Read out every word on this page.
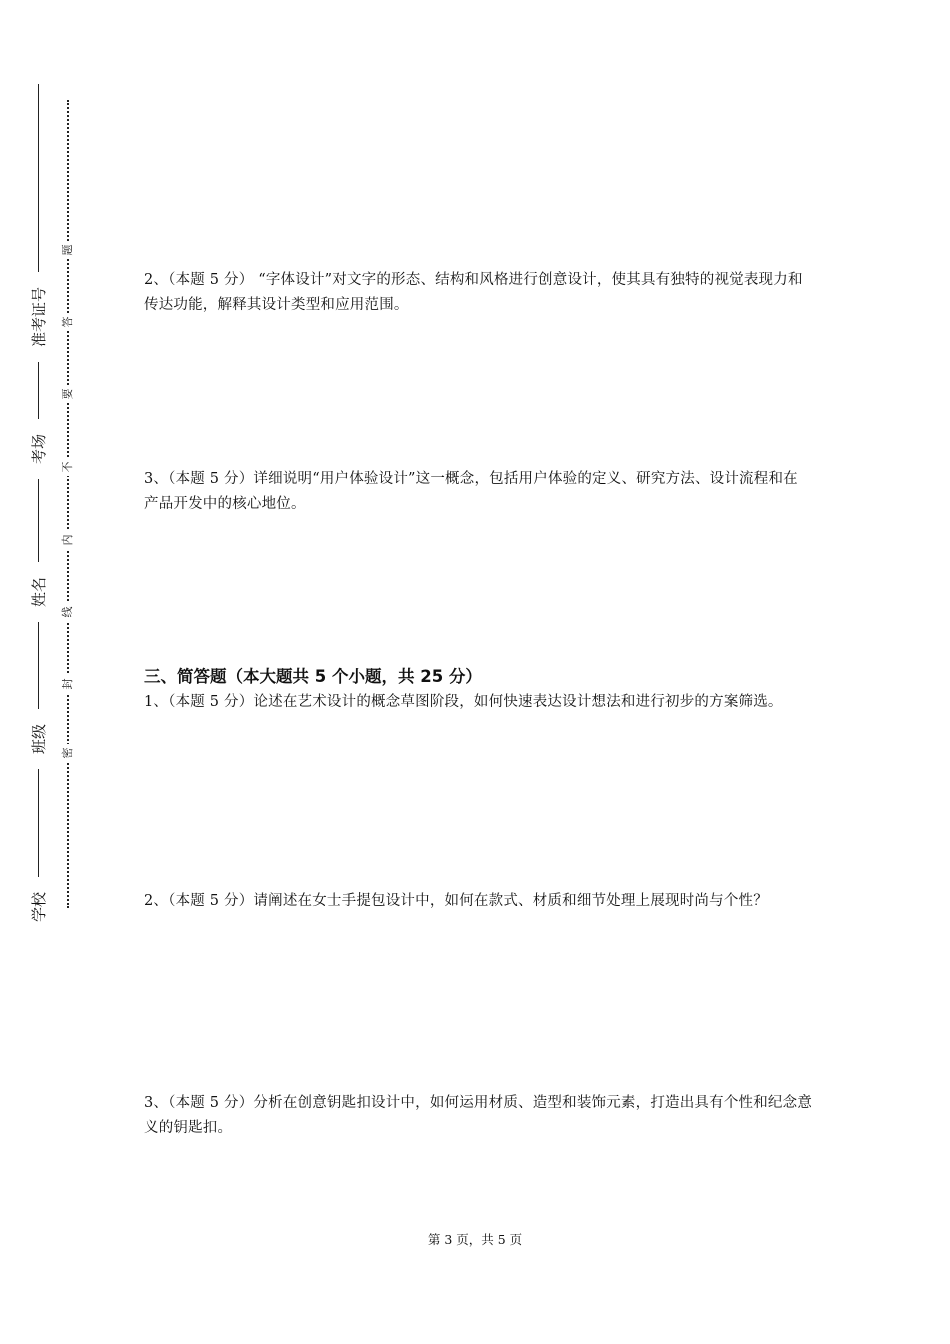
准考证号
考场
姓名
班级
学校
题
答
要
不
内
线
封
密
2、（本题 5 分） “字体设计”对文字的形态、结构和风格进行创意设计，使其具有独特的视觉表现力和传达功能，解释其设计类型和应用范围。
3、（本题 5 分）详细说明“用户体验设计”这一概念，包括用户体验的定义、研究方法、设计流程和在产品开发中的核心地位。
三、简答题（本大题共 5 个小题，共 25 分）
1、（本题 5 分）论述在艺术设计的概念草图阶段，如何快速表达设计想法和进行初步的方案筛选。
2、（本题 5 分）请阐述在女士手提包设计中，如何在款式、材质和细节处理上展现时尚与个性？
3、（本题 5 分）分析在创意钥匙扣设计中，如何运用材质、造型和装饰元素，打造出具有个性和纪念意义的钥匙扣。
第 3 页，共 5 页
